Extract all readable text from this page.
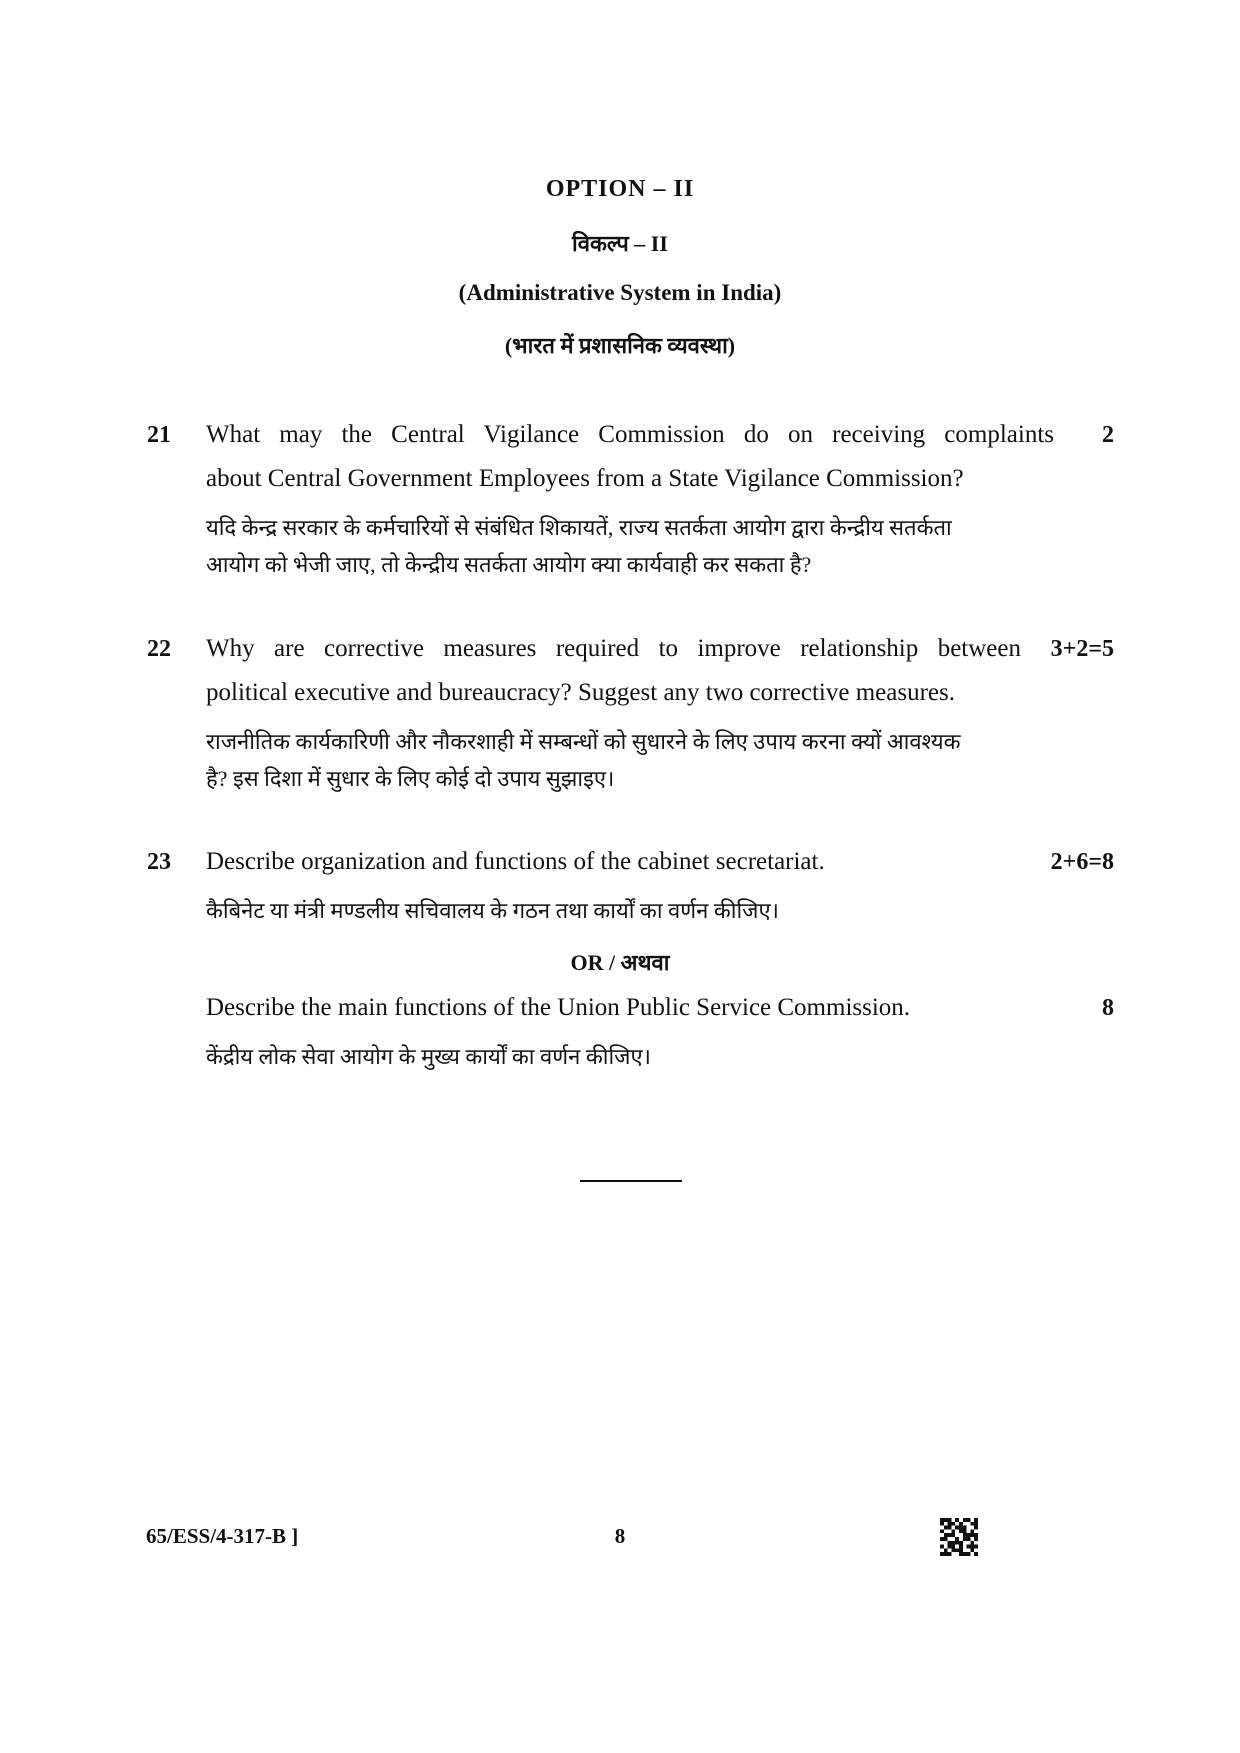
OPTION – II
विकल्प – II
(Administrative System in India)
(भारत में प्रशासनिक व्यवस्था)
21	2
What may the Central Vigilance Commission do on receiving complaints
about Central Government Employees from a State Vigilance Commission?
यदि केन्द्र सरकार के कर्मचारियों से संबंधित शिकायतें, राज्य सतर्कता आयोग द्वारा केन्द्रीय सतर्कता
आयोग को भेजी जाए, तो केन्द्रीय सतर्कता आयोग क्या कार्यवाही कर सकता है?
22	3+2=5
Why are corrective measures required to improve relationship between
political executive and bureaucracy? Suggest any two corrective measures.
राजनीतिक कार्यकारिणी और नौकरशाही में सम्बन्धों को सुधारने के लिए उपाय करना क्यों आवश्यक
है? इस दिशा में सुधार के लिए कोई दो उपाय सुझाइए।
23	2+6=8
Describe organization and functions of the cabinet secretariat.
कैबिनेट या मंत्री मण्डलीय सचिवालय के गठन तथा कार्यों का वर्णन कीजिए।
OR / अथवा
8
Describe the main functions of the Union Public Service Commission.
केंद्रीय लोक सेवा आयोग के मुख्य कार्यों का वर्णन कीजिए।
65/ESS/4-317-B ]	8
